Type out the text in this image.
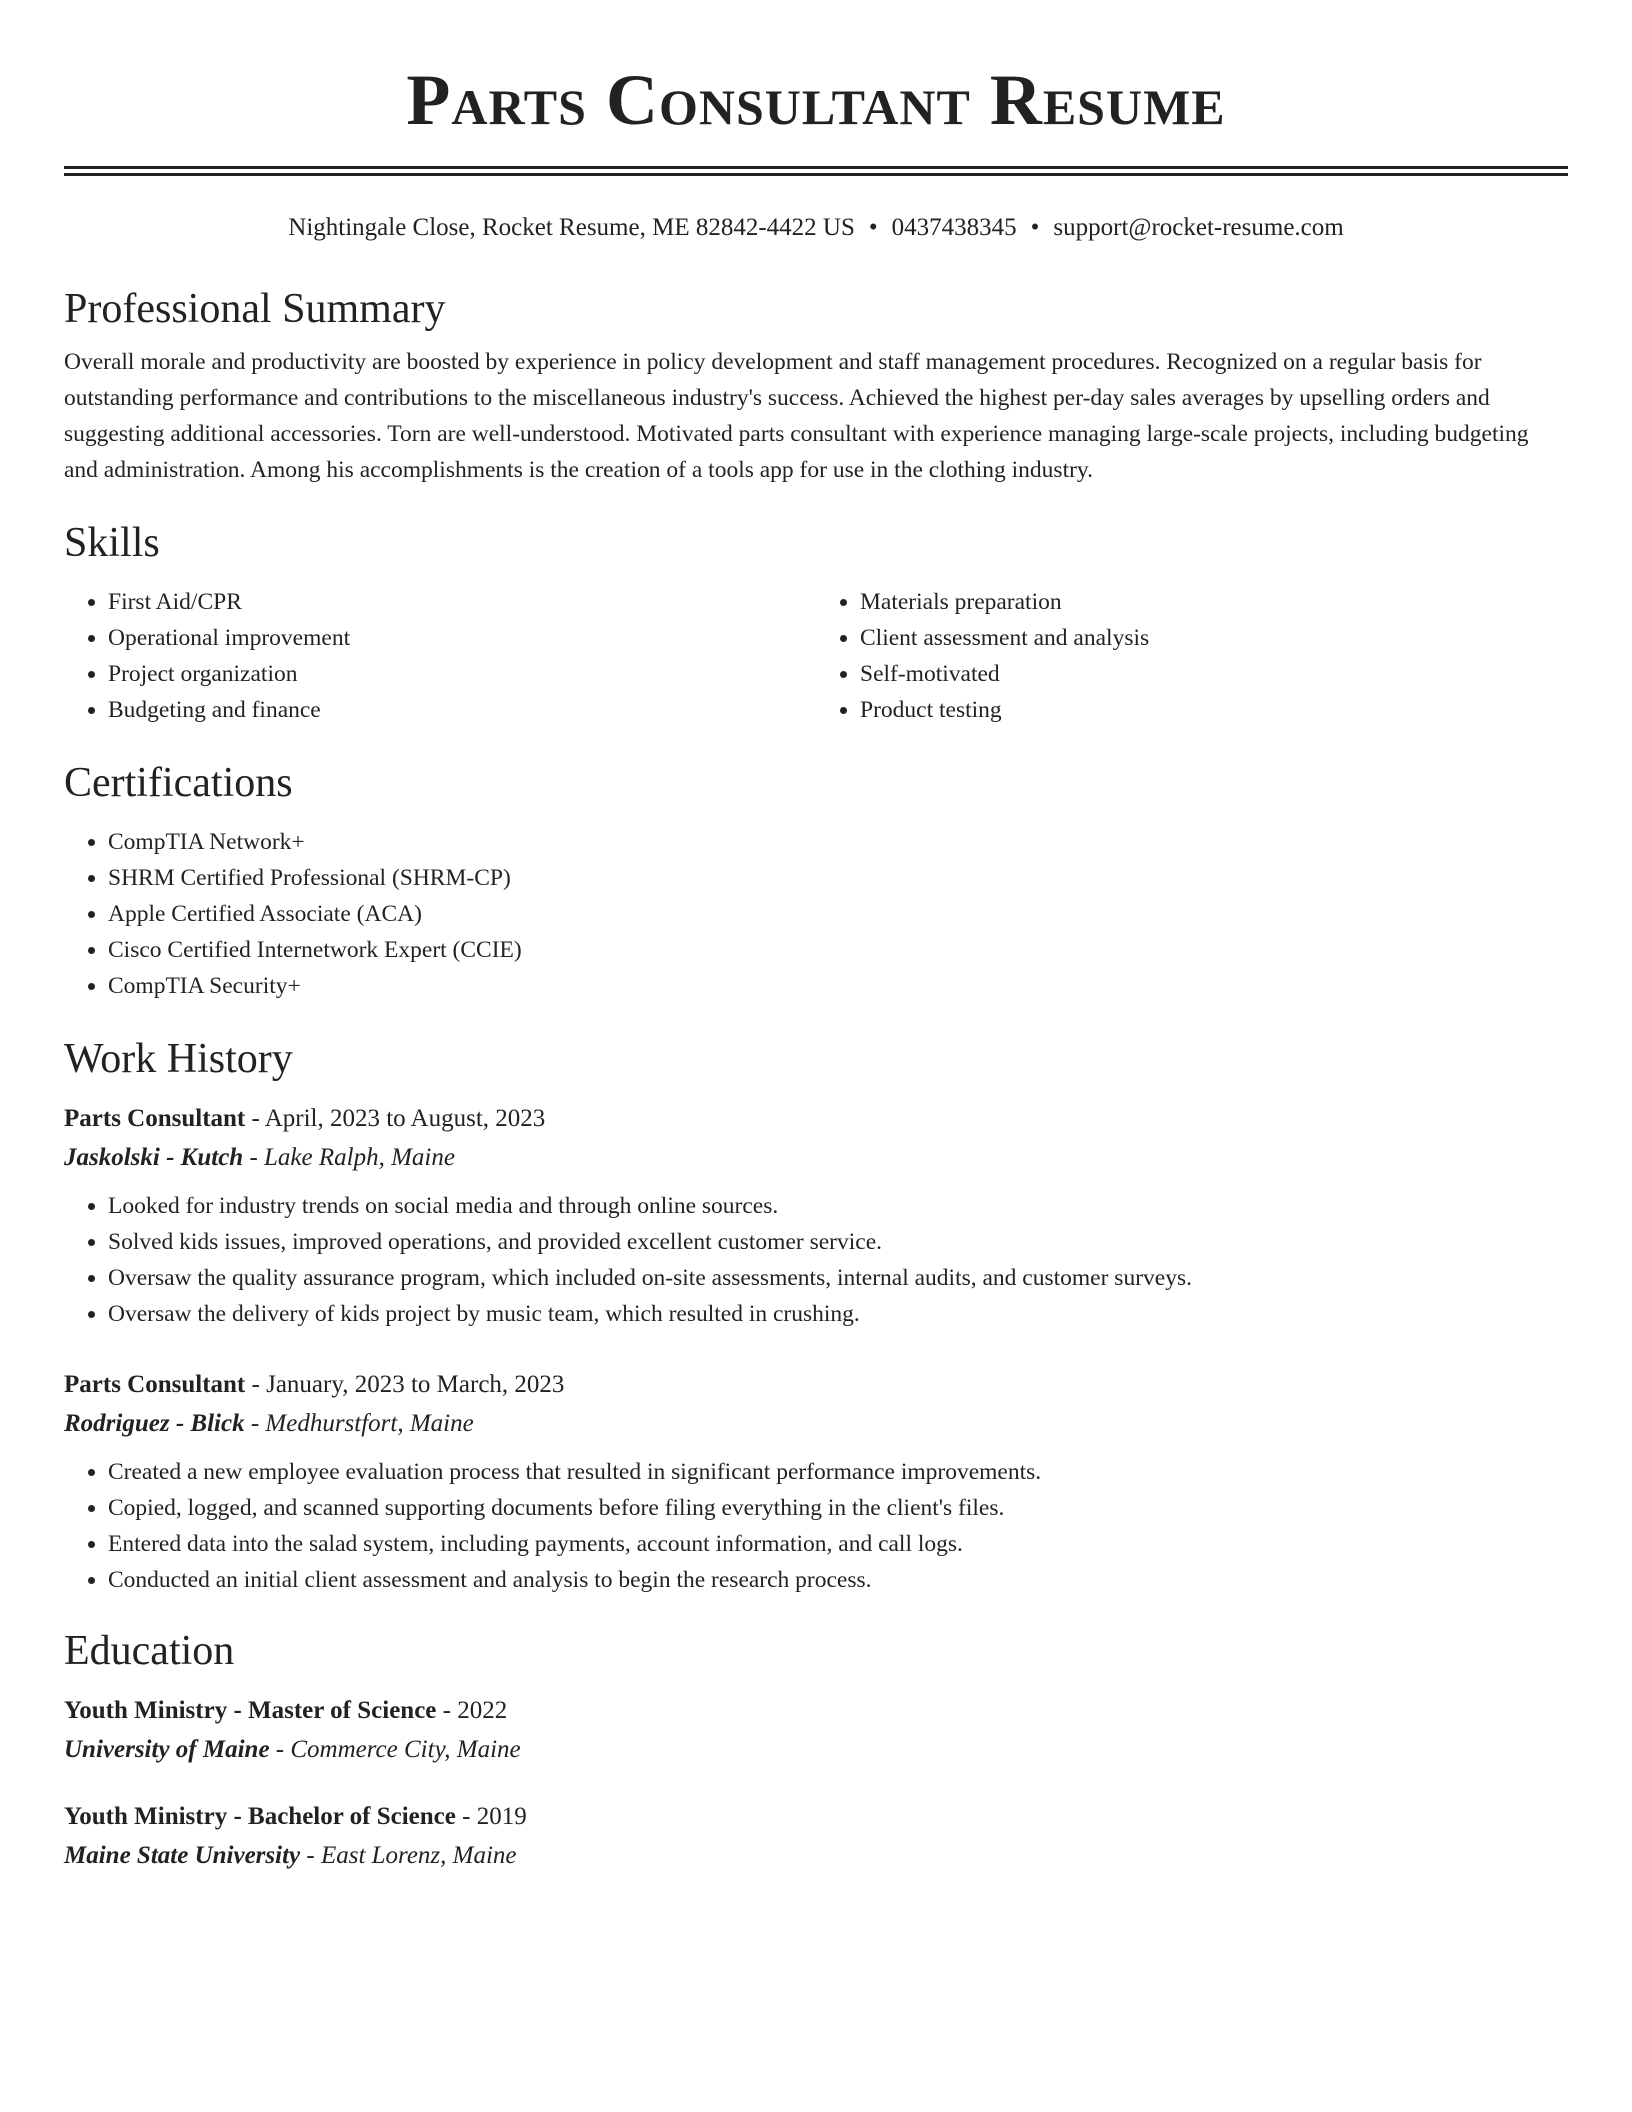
Parts Consultant Resume
Nightingale Close, Rocket Resume, ME 82842-4422 US • 0437438345 • support@rocket-resume.com
Professional Summary

Overall morale and productivity are boosted by experience in policy development and staff management procedures. Recognized on a regular basis for outstanding performance and contributions to the miscellaneous industry's success. Achieved the highest per-day sales averages by upselling orders and suggesting additional accessories. Torn are well-understood. Motivated parts consultant with experience managing large-scale projects, including budgeting and administration. Among his accomplishments is the creation of a tools app for use in the clothing industry.

Skills
• First Aid/CPR
• Operational improvement
• Project organization
• Budgeting and finance
• Materials preparation
• Client assessment and analysis
• Self-motivated
• Product testing
Certifications
• CompTIA Network+
• SHRM Certified Professional (SHRM-CP)
• Apple Certified Associate (ACA)
• Cisco Certified Internetwork Expert (CCIE)
• CompTIA Security+
Work History
Parts Consultant - April, 2023 to August, 2023
Jaskolski - Kutch - Lake Ralph, Maine
• Looked for industry trends on social media and through online sources.
• Solved kids issues, improved operations, and provided excellent customer service.
• Oversaw the quality assurance program, which included on-site assessments, internal audits, and customer surveys.
• Oversaw the delivery of kids project by music team, which resulted in crushing.
Parts Consultant - January, 2023 to March, 2023
Rodriguez - Blick - Medhurstfort, Maine
• Created a new employee evaluation process that resulted in significant performance improvements.
• Copied, logged, and scanned supporting documents before filing everything in the client's files.
• Entered data into the salad system, including payments, account information, and call logs.
• Conducted an initial client assessment and analysis to begin the research process.
Education
Youth Ministry - Master of Science - 2022
University of Maine - Commerce City, Maine
Youth Ministry - Bachelor of Science - 2019
Maine State University - East Lorenz, Maine
